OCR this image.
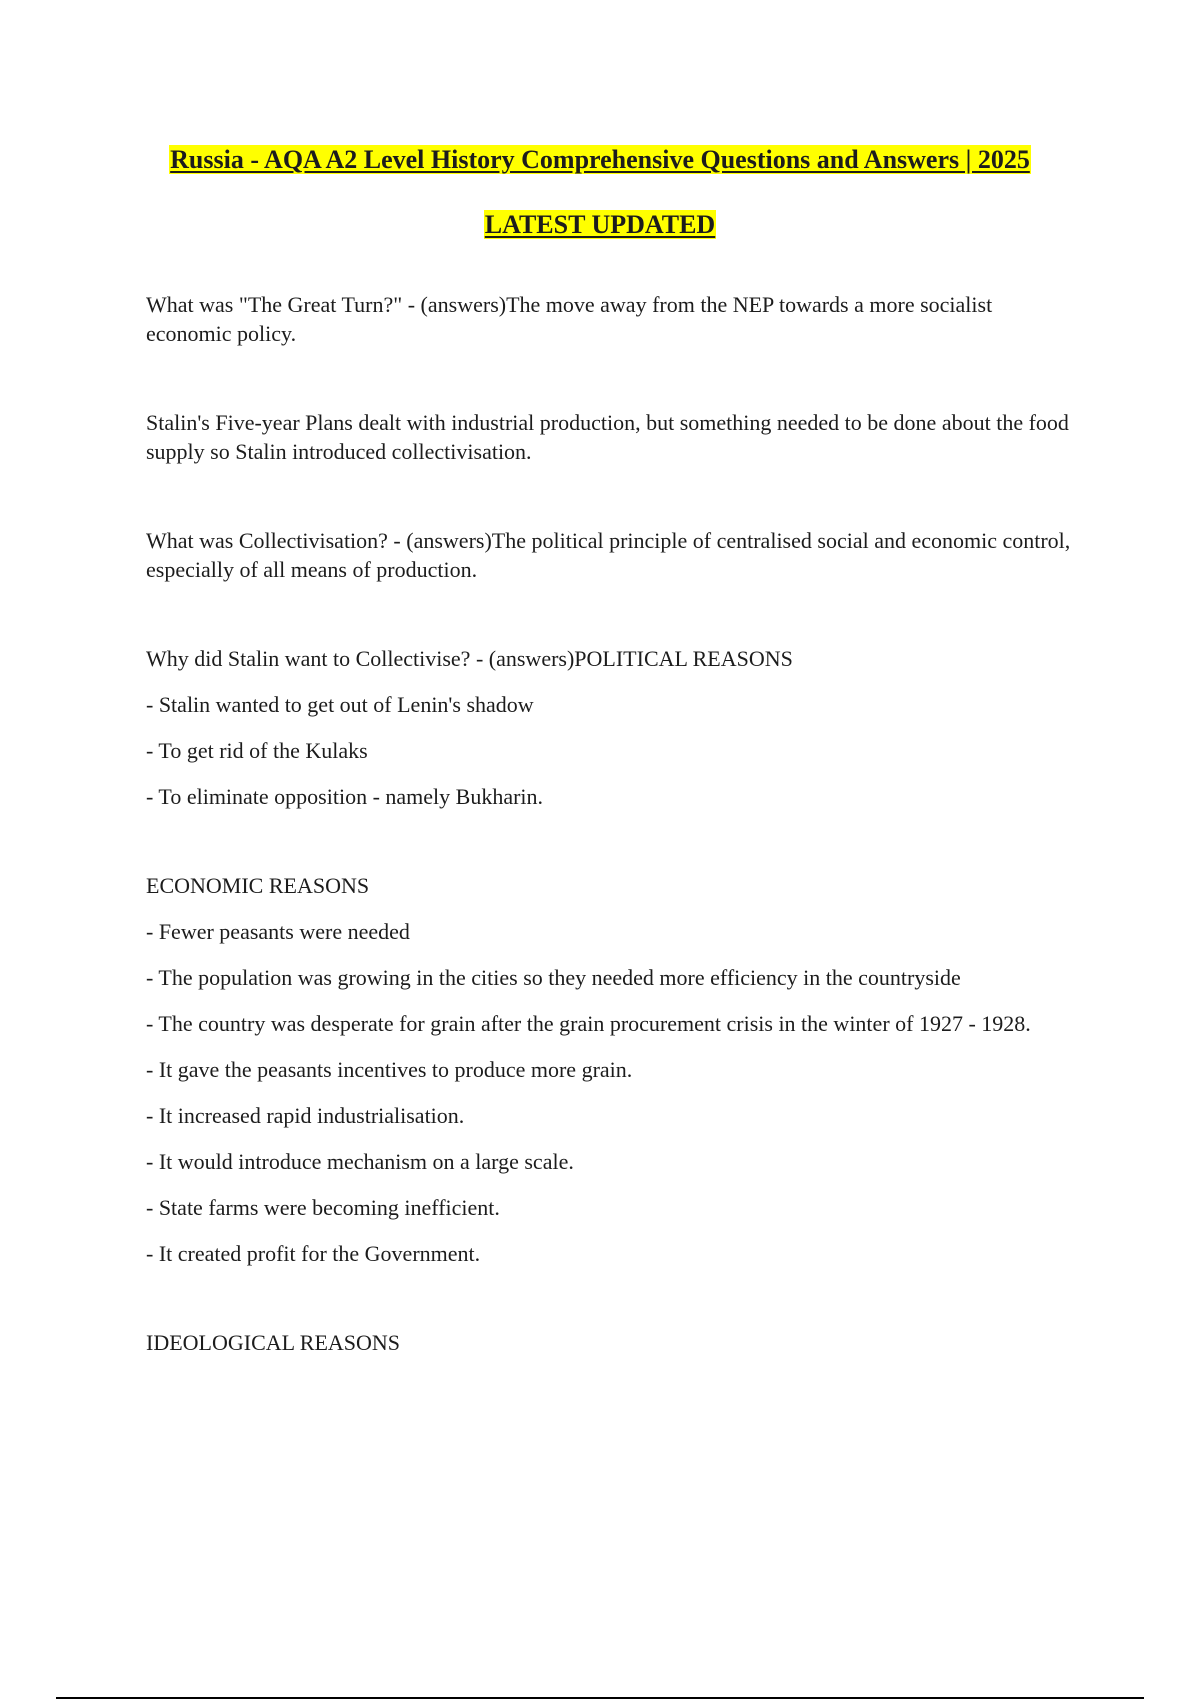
Russia - AQA A2 Level History Comprehensive Questions and Answers | 2025
LATEST UPDATED

What was "The Great Turn?" - (answers)The move away from the NEP towards a more socialist economic policy.

Stalin's Five-year Plans dealt with industrial production, but something needed to be done about the food supply so Stalin introduced collectivisation.

What was Collectivisation? - (answers)The political principle of centralised social and economic control, especially of all means of production.

Why did Stalin want to Collectivise? - (answers)POLITICAL REASONS

- Stalin wanted to get out of Lenin's shadow

- To get rid of the Kulaks

- To eliminate opposition - namely Bukharin.

ECONOMIC REASONS

- Fewer peasants were needed

- The population was growing in the cities so they needed more efficiency in the countryside

- The country was desperate for grain after the grain procurement crisis in the winter of 1927 - 1928.

- It gave the peasants incentives to produce more grain.

- It increased rapid industrialisation.

- It would introduce mechanism on a large scale.

- State farms were becoming inefficient.

- It created profit for the Government.

IDEOLOGICAL REASONS
